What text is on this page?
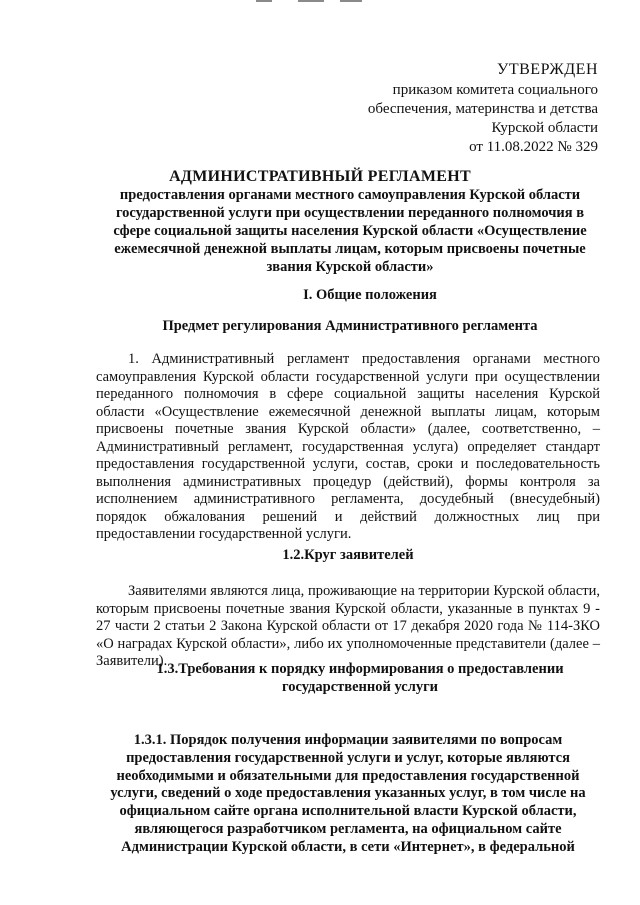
УТВЕРЖДЕН
приказом комитета социального
обеспечения, материнства и детства
Курской области
от 11.08.2022 № 329
АДМИНИСТРАТИВНЫЙ РЕГЛАМЕНТ
предоставления органами местного самоуправления Курской области государственной услуги при осуществлении переданного полномочия в сфере социальной защиты населения Курской области «Осуществление ежемесячной денежной выплаты лицам, которым присвоены почетные звания Курской области»
I. Общие положения
Предмет регулирования Административного регламента
1. Административный регламент предоставления органами местного самоуправления Курской области государственной услуги при осуществлении переданного полномочия в сфере социальной защиты населения Курской области «Осуществление ежемесячной денежной выплаты лицам, которым присвоены почетные звания Курской области» (далее, соответственно, – Административный регламент, государственная услуга) определяет стандарт предоставления государственной услуги, состав, сроки и последовательность выполнения административных процедур (действий), формы контроля за исполнением административного регламента, досудебный (внесудебный) порядок обжалования решений и действий должностных лиц при предоставлении государственной услуги.
1.2.Круг заявителей
Заявителями являются лица, проживающие на территории Курской области, которым присвоены почетные звания Курской области, указанные в пунктах 9 - 27 части 2 статьи 2 Закона Курской области от 17 декабря 2020 года № 114-ЗКО «О наградах Курской области», либо их уполномоченные представители (далее – Заявители).
1.3.Требования к порядку информирования о предоставлении государственной услуги
1.3.1. Порядок получения информации заявителями по вопросам предоставления государственной услуги и услуг, которые являются необходимыми и обязательными для предоставления государственной услуги, сведений о ходе предоставления указанных услуг, в том числе на официальном сайте органа исполнительной власти Курской области, являющегося разработчиком регламента, на официальном сайте Администрации Курской области, в сети «Интернет», в федеральной
